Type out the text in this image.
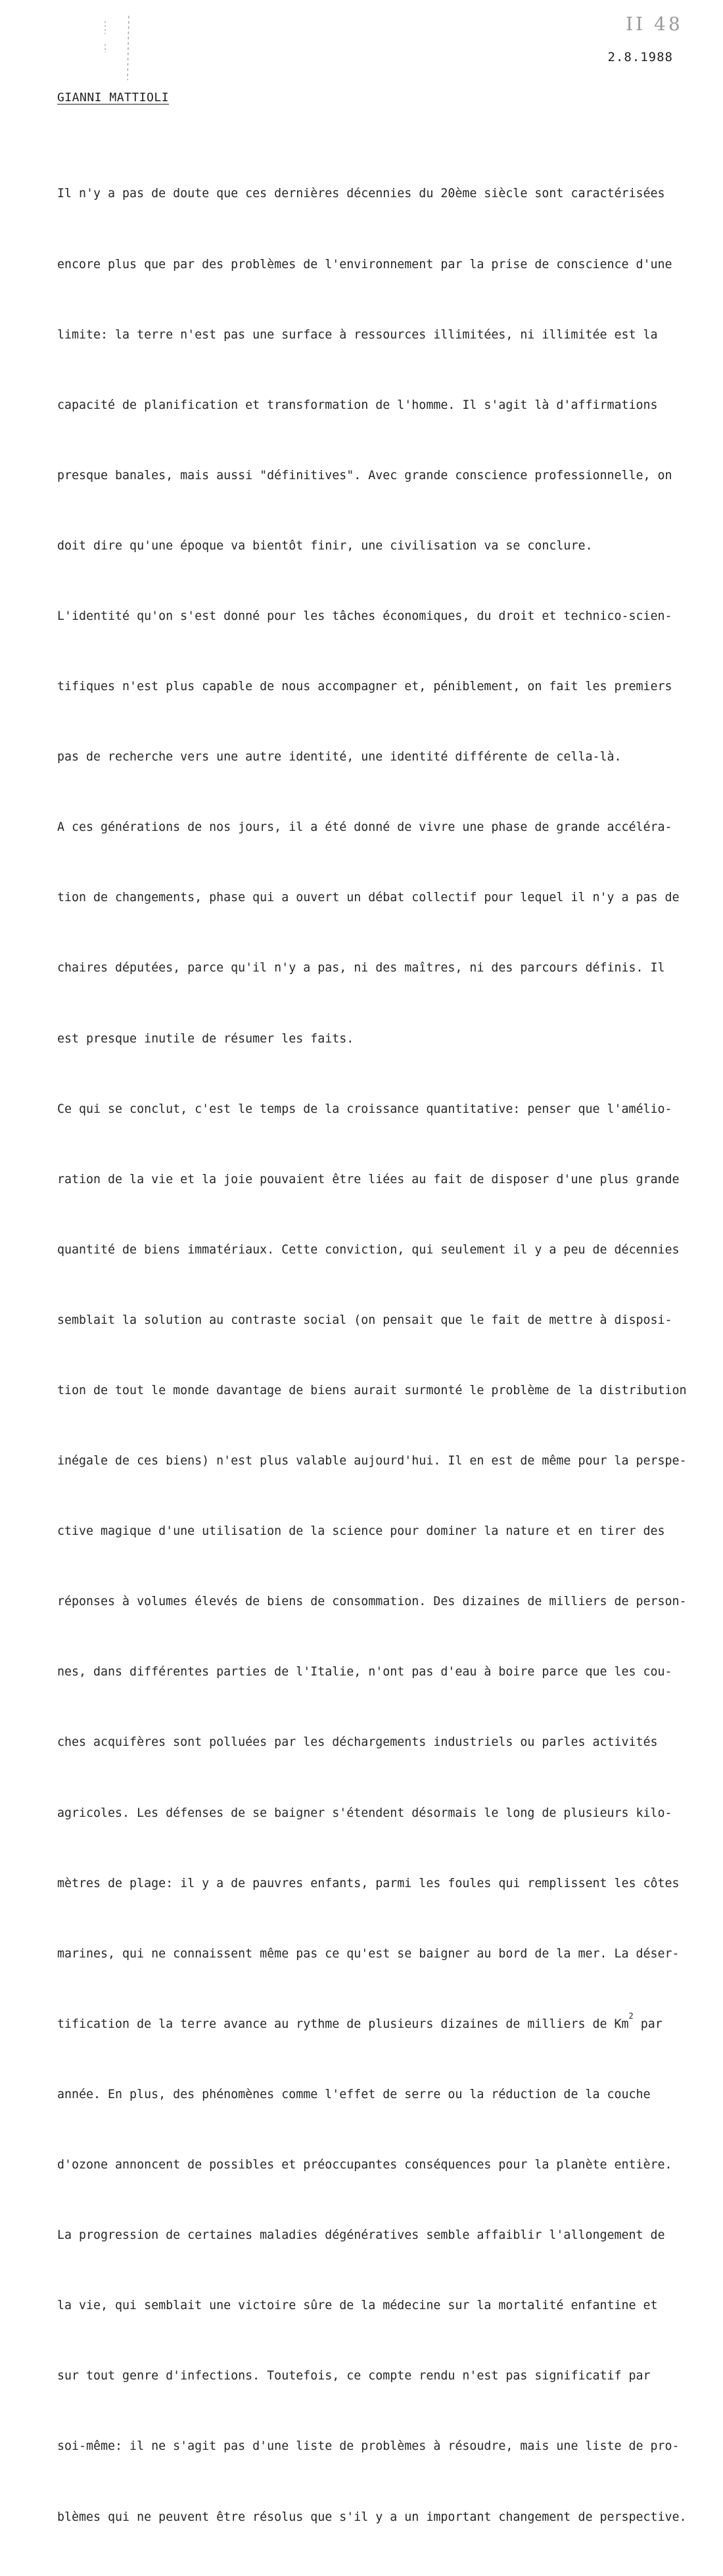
II 48
2.8.1988
GIANNI MATTIOLI

Il n'y a pas de doute que ces dernières décennies du 20ème siècle sont caractérisées

encore plus que par des problèmes de l'environnement par la prise de conscience d'une

limite: la terre n'est pas une surface à ressources illimitées, ni illimitée est la

capacité de planification et transformation de l'homme. Il s'agit là d'affirmations

presque banales, mais aussi "définitives". Avec grande conscience professionnelle, on

doit dire qu'une époque va bientôt finir, une civilisation va se conclure.

L'identité qu'on s'est donné pour les tâches économiques, du droit et technico-scien-

tifiques n'est plus capable de nous accompagner et, péniblement, on fait les premiers

pas de recherche vers une autre identité, une identité différente de cella-là.

A ces générations de nos jours, il a été donné de vivre une phase de grande accéléra-

tion de changements, phase qui a ouvert un débat collectif pour lequel il n'y a pas de

chaires députées, parce qu'il n'y a pas, ni des maîtres, ni des parcours définis. Il

est presque inutile de résumer les faits.

Ce qui se conclut, c'est le temps de la croissance quantitative: penser que l'amélio-

ration de la vie et la joie pouvaient être liées au fait de disposer d'une plus grande

quantité de biens immatériaux. Cette conviction, qui seulement il y a peu de décennies

semblait la solution au contraste social (on pensait que le fait de mettre à disposi-

tion de tout le monde davantage de biens aurait surmonté le problème de la distribution

inégale de ces biens) n'est plus valable aujourd'hui. Il en est de même pour la perspe-

ctive magique d'une utilisation de la science pour dominer la nature et en tirer des

réponses à volumes élevés de biens de consommation. Des dizaines de milliers de person-

nes, dans différentes parties de l'Italie, n'ont pas d'eau à boire parce que les cou-

ches acquifères sont polluées par les déchargements industriels ou parles activités

agricoles. Les défenses de se baigner s'étendent désormais le long de plusieurs kilo-

mètres de plage: il y a de pauvres enfants, parmi les foules qui remplissent les côtes

marines, qui ne connaissent même pas ce qu'est se baigner au bord de la mer. La déser-

tification de la terre avance au rythme de plusieurs dizaines de milliers de Km$^2$ par

année. En plus, des phénomènes comme l'effet de serre ou la réduction de la couche

d'ozone annoncent de possibles et préoccupantes conséquences pour la planète entière.

La progression de certaines maladies dégénératives semble affaiblir l'allongement de

la vie, qui semblait une victoire sûre de la médecine sur la mortalité enfantine et

sur tout genre d'infections. Toutefois, ce compte rendu n'est pas significatif par

soi-même: il ne s'agit pas d'une liste de problèmes à résoudre, mais une liste de pro-

blèmes qui ne peuvent être résolus que s'il y a un important changement de perspective.
